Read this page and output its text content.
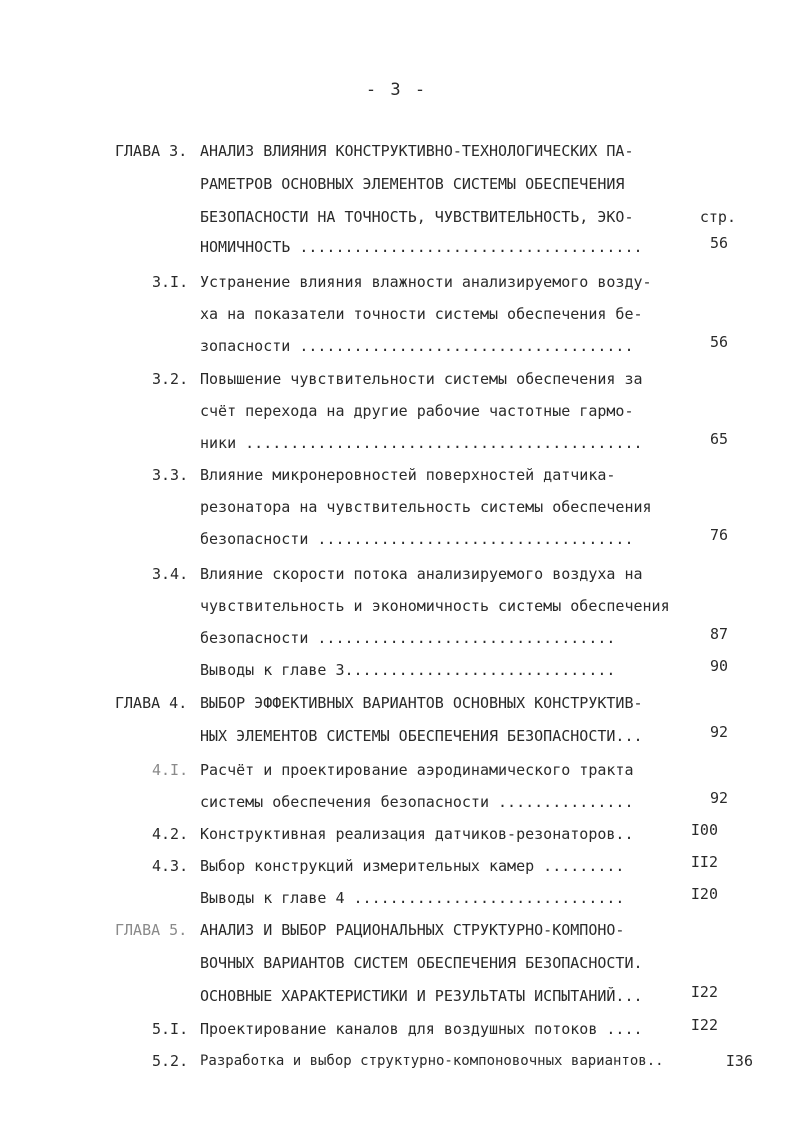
- 3 -
ГЛАВА 3. АНАЛИЗ ВЛИЯНИЯ КОНСТРУКТИВНО-ТЕХНОЛОГИЧЕСКИХ ПА-
РАМЕТРОВ ОСНОВНЫХ ЭЛЕМЕНТОВ СИСТЕМЫ ОБЕСПЕЧЕНИЯ
БЕЗОПАСНОСТИ НА ТОЧНОСТЬ, ЧУВСТВИТЕЛЬНОСТЬ, ЭКО-	стр.
НОМИЧНОСТЬ ......................................	56
3.I. Устранение влияния влажности анализируемого возду-
ха на показатели точности системы обеспечения бе-
зопасности .....................................	56
3.2. Повышение чувствительности системы обеспечения за
счёт перехода на другие рабочие частотные гармо-
ники ............................................	65
3.3. Влияние микронеровностей поверхностей датчика-
резонатора на чувствительность системы обеспечения
безопасности ...................................	76
3.4. Влияние скорости потока анализируемого воздуха на
чувствительность и экономичность системы обеспечения
безопасности .................................	87
Выводы к главе 3..............................	90
ГЛАВА 4. ВЫБОР ЭФФЕКТИВНЫХ ВАРИАНТОВ ОСНОВНЫХ КОНСТРУКТИВ-
НЫХ ЭЛЕМЕНТОВ СИСТЕМЫ ОБЕСПЕЧЕНИЯ БЕЗОПАСНОСТИ...	92
4.I. Расчёт и проектирование аэродинамического тракта
системы обеспечения безопасности ...............	92
4.2. Конструктивная реализация датчиков-резонаторов..	I00
4.3. Выбор конструкций измерительных камер .........	II2
Выводы к главе 4 ..............................	I20
ГЛАВА 5. АНАЛИЗ И ВЫБОР РАЦИОНАЛЬНЫХ СТРУКТУРНО-КОМПОНО-
ВОЧНЫХ ВАРИАНТОВ СИСТЕМ ОБЕСПЕЧЕНИЯ БЕЗОПАСНОСТИ.
ОСНОВНЫЕ ХАРАКТЕРИСТИКИ И РЕЗУЛЬТАТЫ ИСПЫТАНИЙ...	I22
5.I. Проектирование каналов для воздушных потоков ....	I22
5.2. Разработка и выбор структурно-компоновочных вариантов..	I36
